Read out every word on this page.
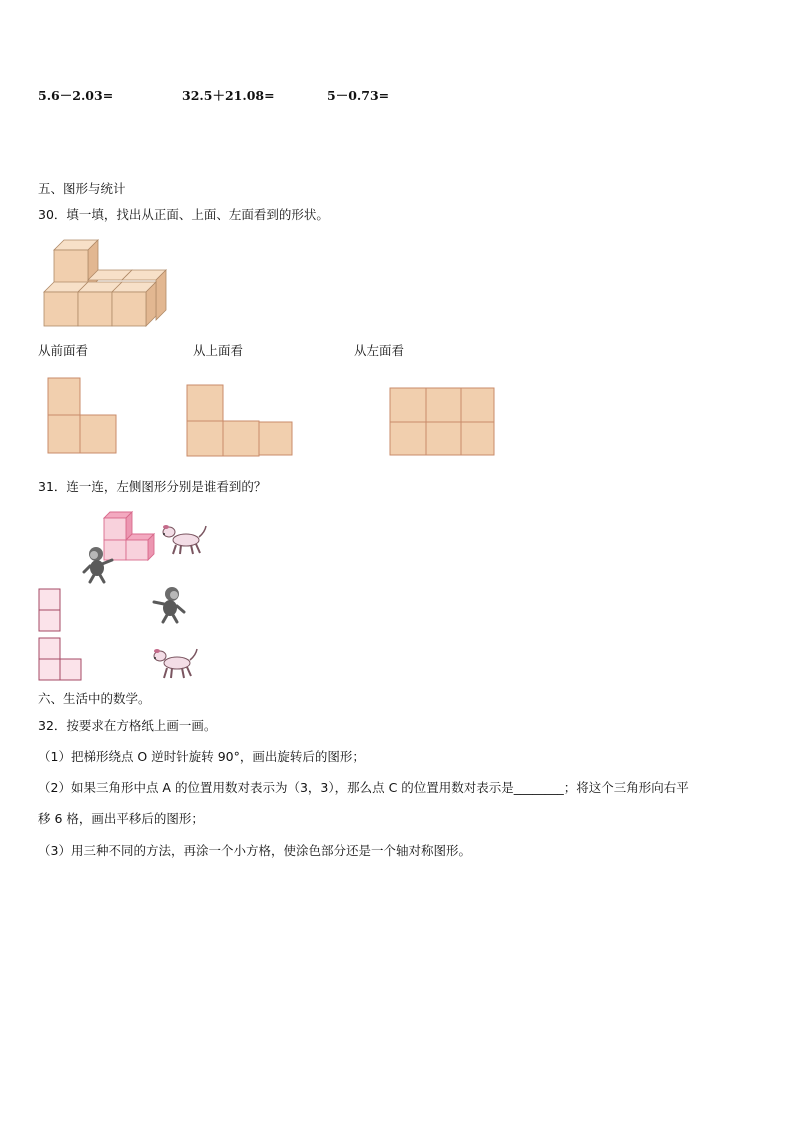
5.6－2.03=	32.5＋21.08=	5－0.73=
五、图形与统计
30．填一填，找出从正面、上面、左面看到的形状。
从前面看	从上面看	从左面看
31．连一连，左侧图形分别是谁看到的？
六、生活中的数学。
32．按要求在方格纸上画一画。
（1）把梯形绕点 O 逆时针旋转 90°，画出旋转后的图形；
（2）如果三角形中点 A 的位置用数对表示为（3，3），那么点 C 的位置用数对表示是________；将这个三角形向右平
移 6 格，画出平移后的图形；
（3）用三种不同的方法，再涂一个小方格，使涂色部分还是一个轴对称图形。
